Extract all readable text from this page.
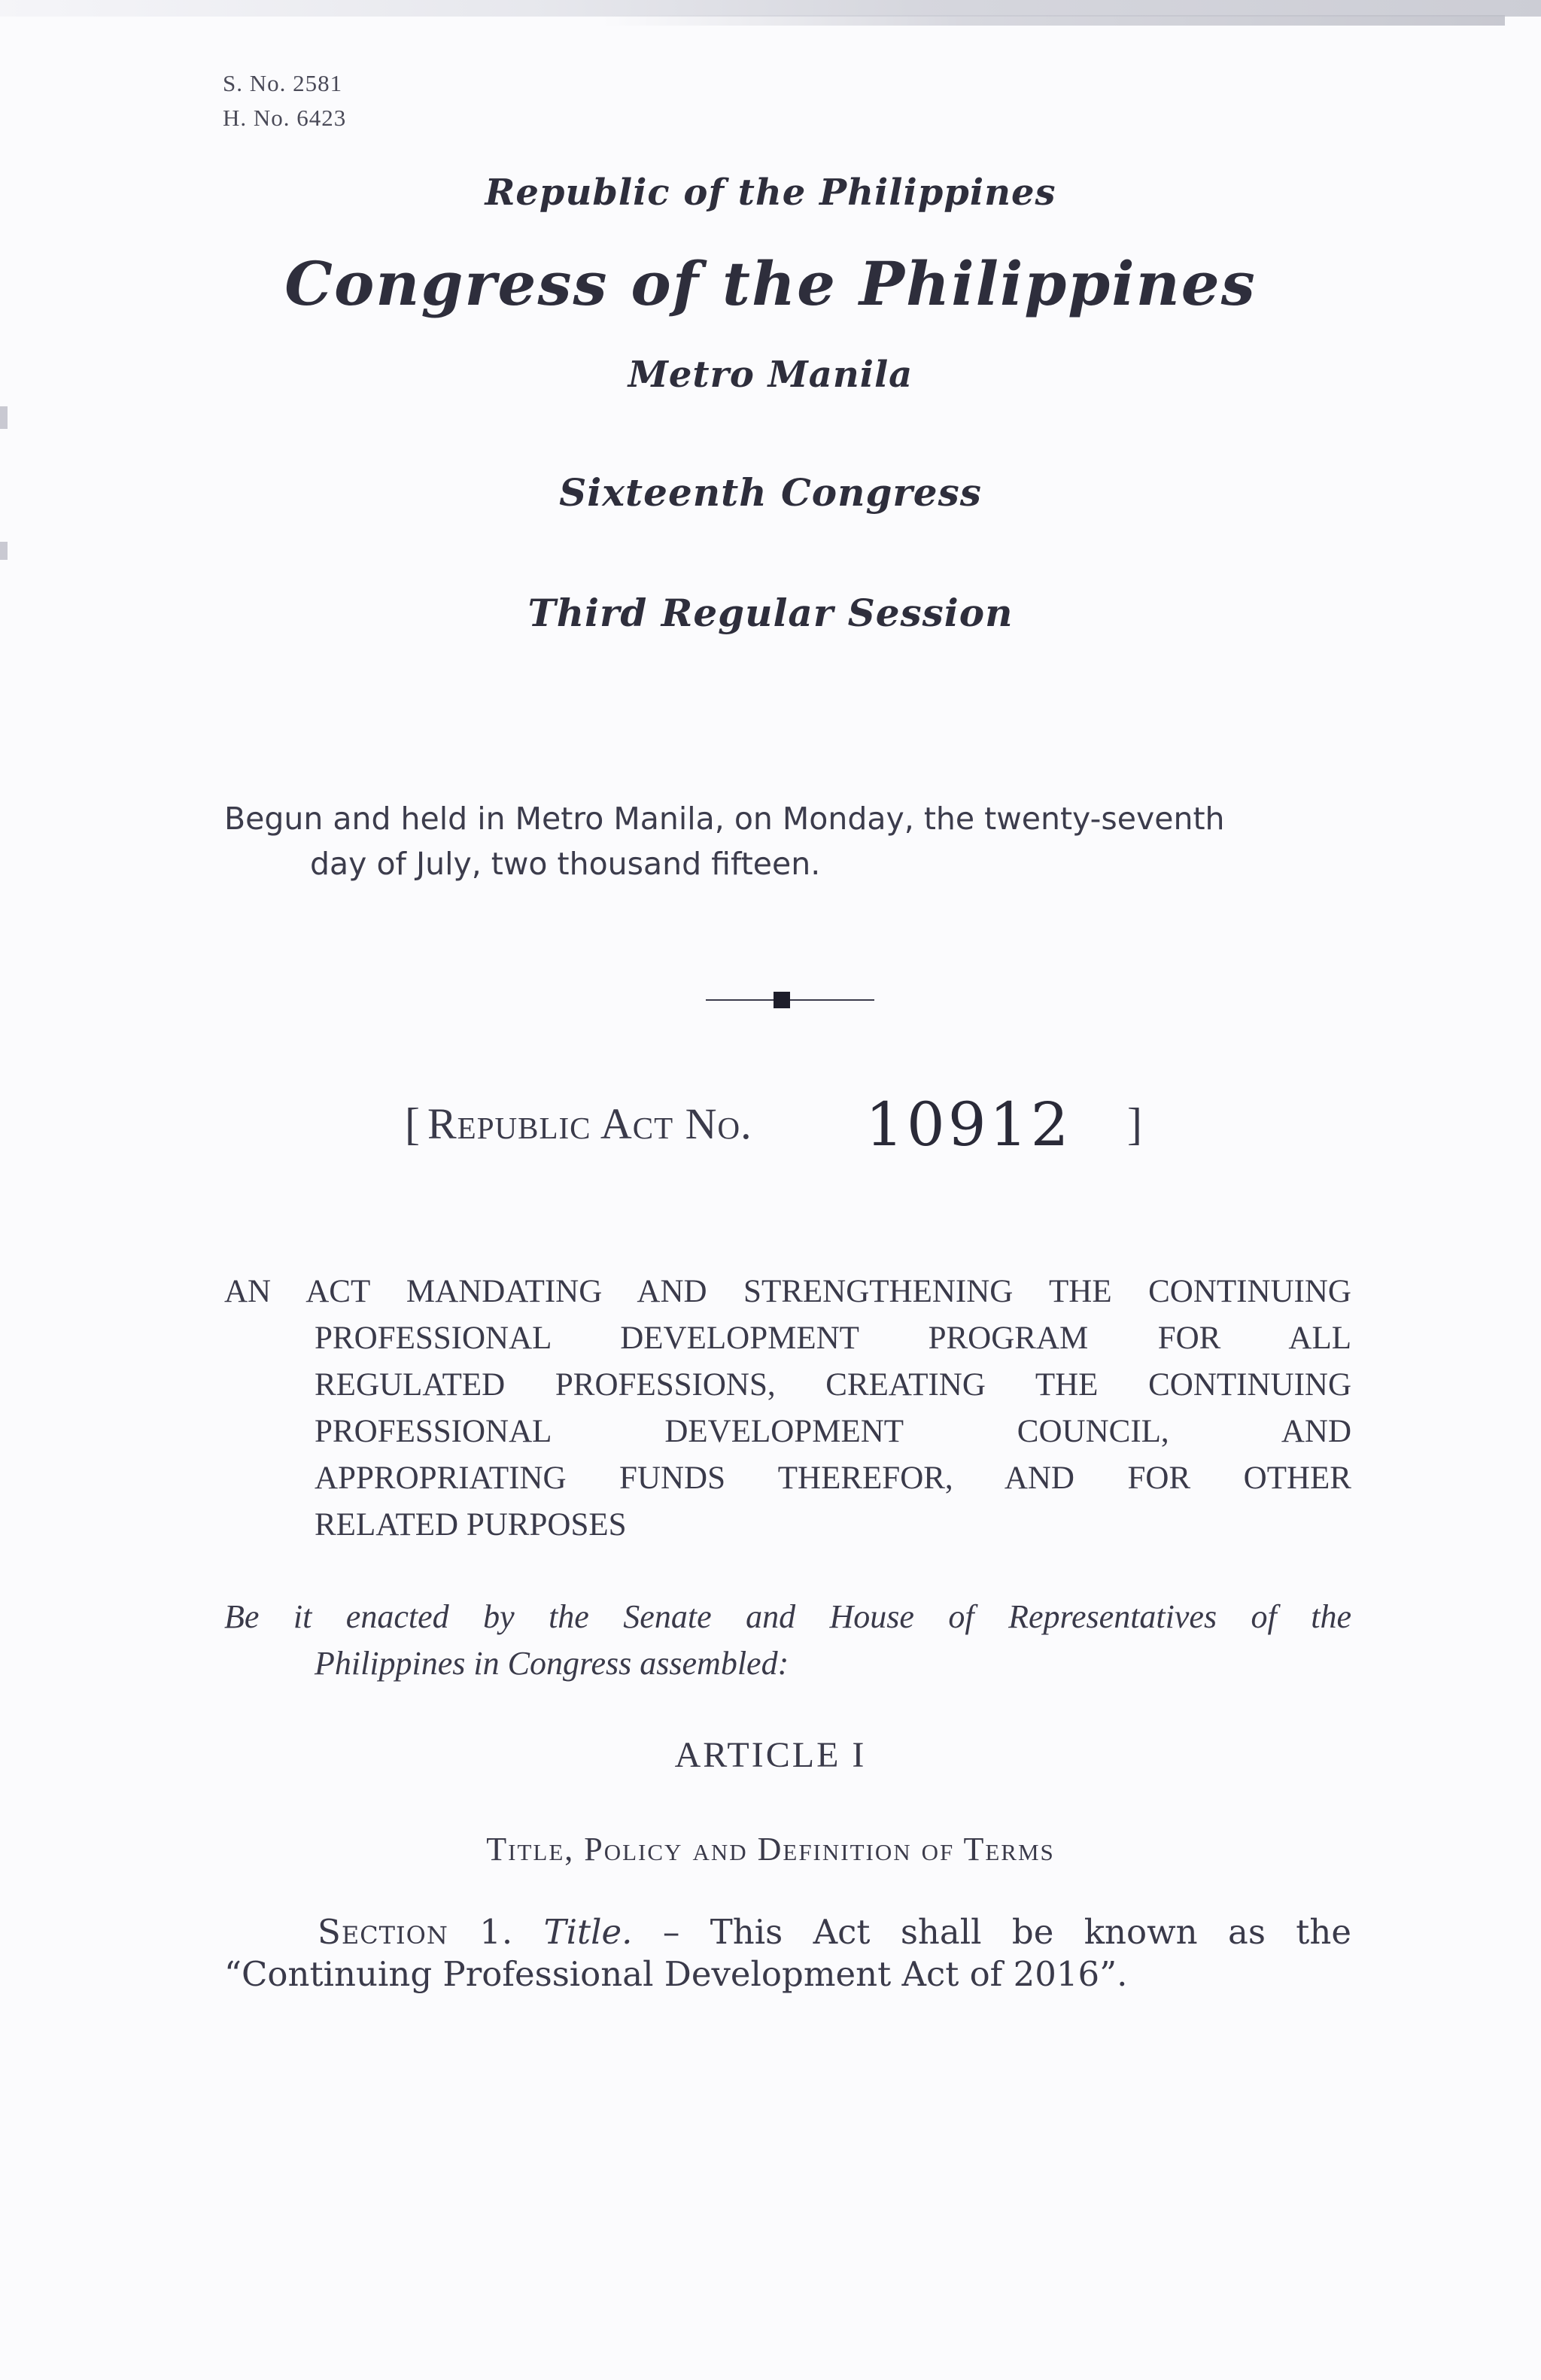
S. No. 2581
H. No. 6423
Republic of the Philippines
Congress of the Philippines
Metro Manila
Sixteenth Congress
Third Regular Session
Begun and held in Metro Manila, on Monday, the twenty-seventh
day of July, two thousand fifteen.
[ Republic Act No. 10912 ]
AN ACT MANDATING AND STRENGTHENING THE CONTINUING
PROFESSIONAL DEVELOPMENT PROGRAM FOR ALL
REGULATED PROFESSIONS, CREATING THE CONTINUING
PROFESSIONAL DEVELOPMENT COUNCIL, AND
APPROPRIATING FUNDS THEREFOR, AND FOR OTHER
RELATED PURPOSES
Be it enacted by the Senate and House of Representatives of the
Philippines in Congress assembled:
ARTICLE I
Title, Policy and Definition of Terms
Section 1. Title. – This Act shall be known as the
“Continuing Professional Development Act of 2016”.
